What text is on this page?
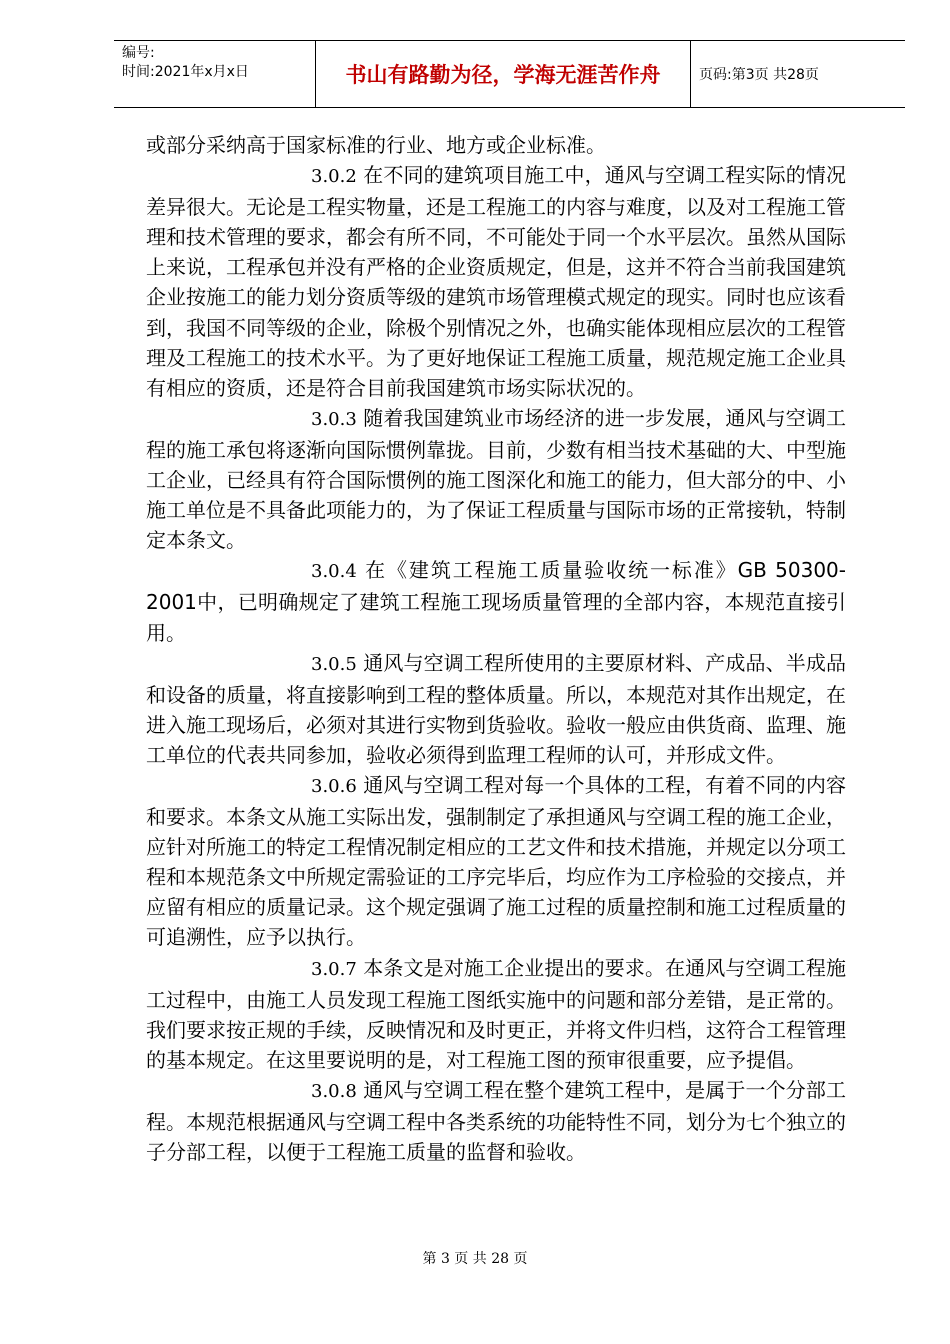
编号:
时间:2021年x月x日	书山有路勤为径，学海无涯苦作舟	页码:第3页 共28页

或部分采纳高于国家标准的行业、地方或企业标准。

3.0.2 在不同的建筑项目施工中，通风与空调工程实际的情况差异很大。无论是工程实物量，还是工程施工的内容与难度，以及对工程施工管理和技术管理的要求，都会有所不同，不可能处于同一个水平层次。虽然从国际上来说，工程承包并没有严格的企业资质规定，但是，这并不符合当前我国建筑企业按施工的能力划分资质等级的建筑市场管理模式规定的现实。同时也应该看到，我国不同等级的企业，除极个别情况之外，也确实能体现相应层次的工程管理及工程施工的技术水平。为了更好地保证工程施工质量，规范规定施工企业具有相应的资质，还是符合目前我国建筑市场实际状况的。

3.0.3 随着我国建筑业市场经济的进一步发展，通风与空调工程的施工承包将逐渐向国际惯例靠拢。目前，少数有相当技术基础的大、中型施工企业，已经具有符合国际惯例的施工图深化和施工的能力，但大部分的中、小施工单位是不具备此项能力的，为了保证工程质量与国际市场的正常接轨，特制定本条文。

3.0.4 在《建筑工程施工质量验收统一标准》GB 50300-2001中，已明确规定了建筑工程施工现场质量管理的全部内容，本规范直接引用。

3.0.5 通风与空调工程所使用的主要原材料、产成品、半成品和设备的质量，将直接影响到工程的整体质量。所以，本规范对其作出规定，在进入施工现场后，必须对其进行实物到货验收。验收一般应由供货商、监理、施工单位的代表共同参加，验收必须得到监理工程师的认可，并形成文件。

3.0.6 通风与空调工程对每一个具体的工程，有着不同的内容和要求。本条文从施工实际出发，强制制定了承担通风与空调工程的施工企业，应针对所施工的特定工程情况制定相应的工艺文件和技术措施，并规定以分项工程和本规范条文中所规定需验证的工序完毕后，均应作为工序检验的交接点，并应留有相应的质量记录。这个规定强调了施工过程的质量控制和施工过程质量的可追溯性，应予以执行。

3.0.7 本条文是对施工企业提出的要求。在通风与空调工程施工过程中，由施工人员发现工程施工图纸实施中的问题和部分差错，是正常的。我们要求按正规的手续，反映情况和及时更正，并将文件归档，这符合工程管理的基本规定。在这里要说明的是，对工程施工图的预审很重要，应予提倡。

3.0.8 通风与空调工程在整个建筑工程中，是属于一个分部工程。本规范根据通风与空调工程中各类系统的功能特性不同，划分为七个独立的子分部工程，以便于工程施工质量的监督和验收。

第 3 页 共 28 页
